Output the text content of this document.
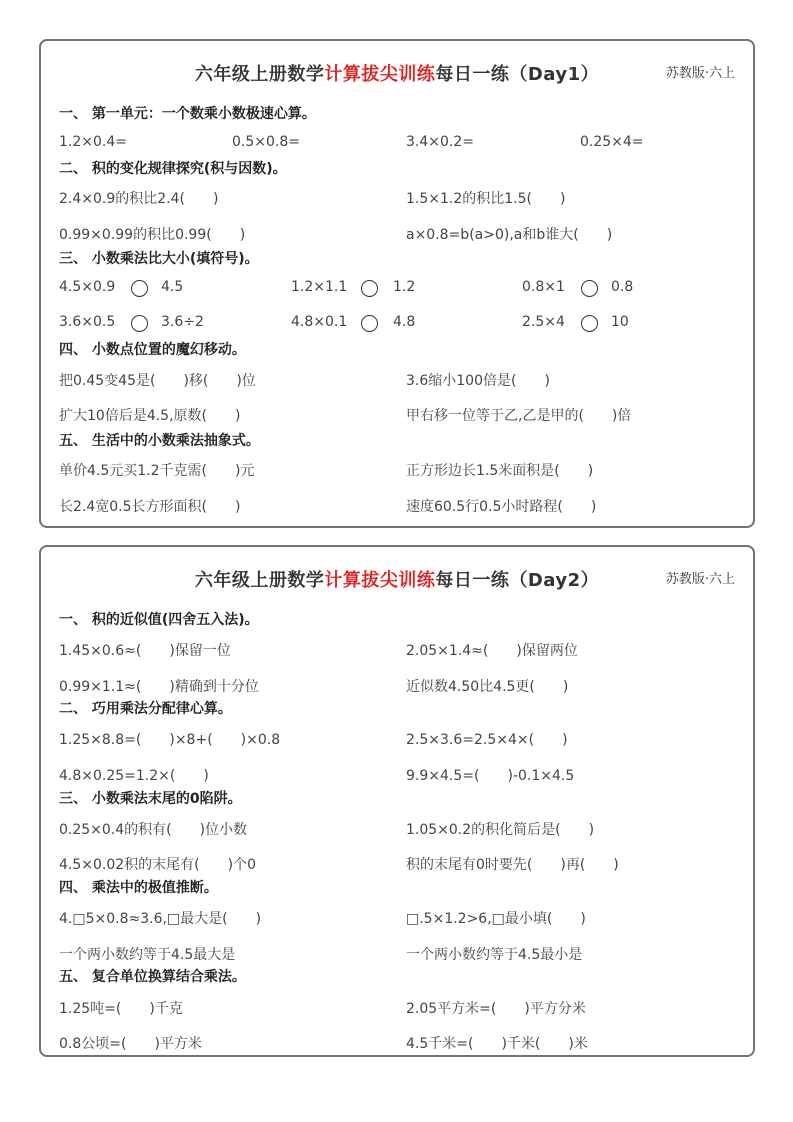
六年级上册数学计算拔尖训练每日一练（Day1）	苏教版·六上
一、 第一单元：一个数乘小数极速心算。
1.2×0.4=	0.5×0.8=	3.4×0.2=	0.25×4=
二、 积的变化规律探究(积与因数)。
2.4×0.9的积比2.4(　　)	1.5×1.2的积比1.5(　　)
0.99×0.99的积比0.99(　　)	a×0.8=b(a>0),a和b谁大(　　)
三、 小数乘法比大小(填符号)。
4.5×0.9	4.5	1.2×1.1	1.2	0.8×1	0.8
3.6×0.5	3.6÷2	4.8×0.1	4.8	2.5×4	10
四、 小数点位置的魔幻移动。
把0.45变45是(　　)移(　　)位	3.6缩小100倍是(　　)
扩大10倍后是4.5,原数(　　)	甲右移一位等于乙,乙是甲的(　　)倍
五、 生活中的小数乘法抽象式。
单价4.5元买1.2千克需(　　)元	正方形边长1.5米面积是(　　)
长2.4宽0.5长方形面积(　　)	速度60.5行0.5小时路程(　　)
六年级上册数学计算拔尖训练每日一练（Day2）	苏教版·六上
一、 积的近似值(四舍五入法)。
1.45×0.6≈(　　)保留一位	2.05×1.4≈(　　)保留两位
0.99×1.1≈(　　)精确到十分位	近似数4.50比4.5更(　　)
二、 巧用乘法分配律心算。
1.25×8.8=(　　)×8+(　　)×0.8	2.5×3.6=2.5×4×(　　)
4.8×0.25=1.2×(　　)	9.9×4.5=(　　)-0.1×4.5
三、 小数乘法末尾的0陷阱。
0.25×0.4的积有(　　)位小数	1.05×0.2的积化简后是(　　)
4.5×0.02积的末尾有(　　)个0	积的末尾有0时要先(　　)再(　　)
四、 乘法中的极值推断。
4.□5×0.8≈3.6,□最大是(　　)	□.5×1.2>6,□最小填(　　)
一个两小数约等于4.5最大是	一个两小数约等于4.5最小是
五、 复合单位换算结合乘法。
1.25吨=(　　)千克	2.05平方米=(　　)平方分米
0.8公顷=(　　)平方米	4.5千米=(　　)千米(　　)米
